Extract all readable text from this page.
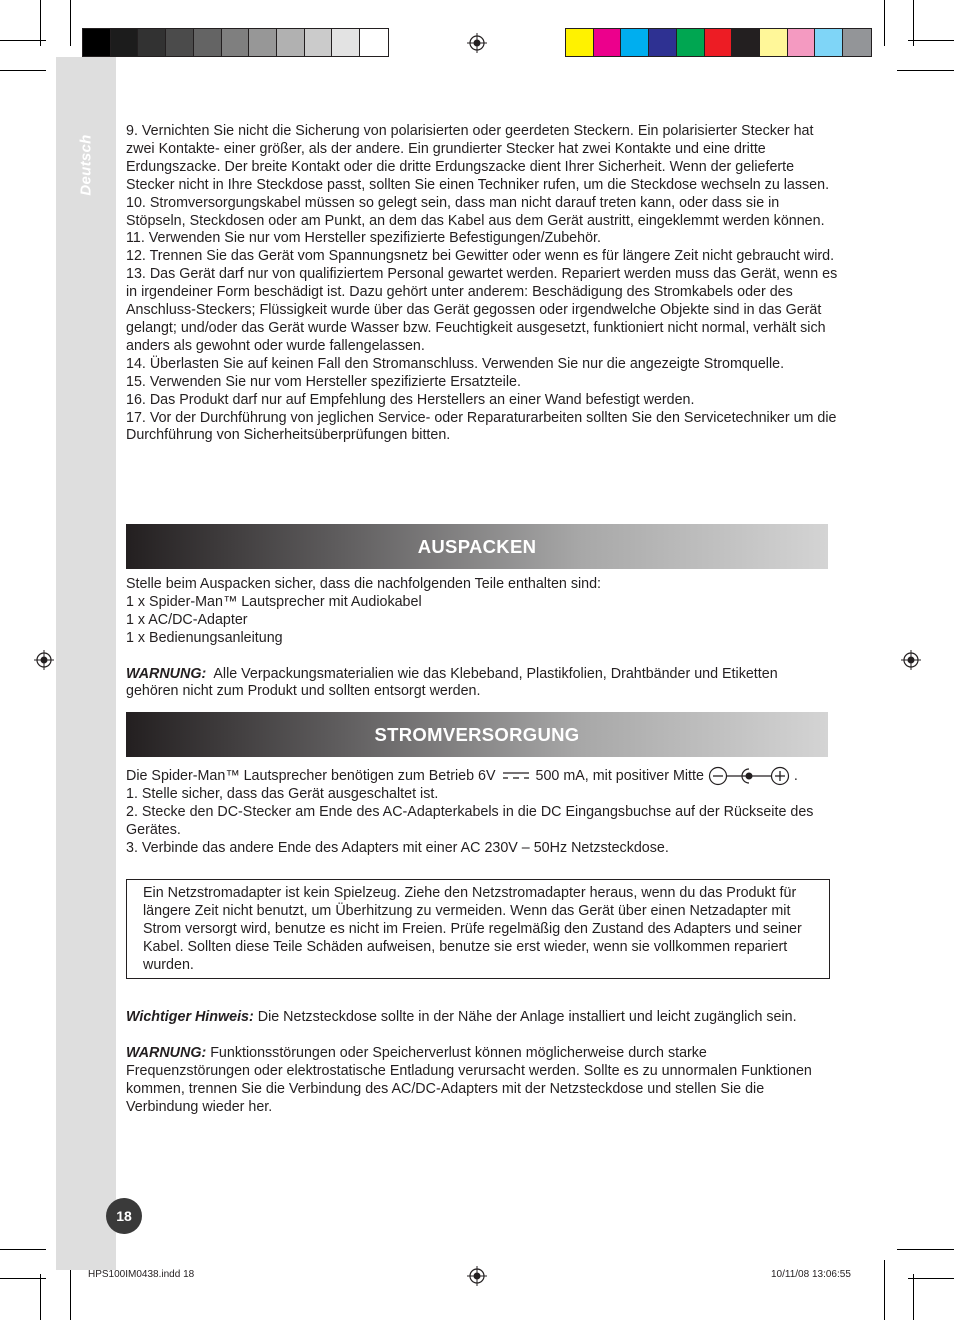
Deutsch
18

9. Vernichten Sie nicht die Sicherung von polarisierten oder geerdeten Steckern. Ein polarisierter Stecker hat zwei Kontakte- einer größer, als der andere. Ein grundierter Stecker hat zwei Kontakte und eine dritte Erdungszacke. Der breite Kontakt oder die dritte Erdungszacke dient Ihrer Sicherheit. Wenn der gelieferte Stecker nicht in Ihre Steckdose passt, sollten Sie einen Techniker rufen, um die Steckdose wechseln zu lassen.

10. Stromversorgungskabel müssen so gelegt sein, dass man nicht darauf treten kann, oder dass sie in Stöpseln, Steckdosen oder am Punkt, an dem das Kabel aus dem Gerät austritt, eingeklemmt werden können.

11. Verwenden Sie nur vom Hersteller spezifizierte Befestigungen/Zubehör.

12. Trennen Sie das Gerät vom Spannungsnetz bei Gewitter oder wenn es für längere Zeit nicht gebraucht wird.

13. Das Gerät darf nur von qualifiziertem Personal gewartet werden. Repariert werden muss das Gerät, wenn es in irgendeiner Form beschädigt ist. Dazu gehört unter anderem: Beschädigung des Stromkabels oder des Anschluss-Steckers; Flüssigkeit wurde über das Gerät gegossen oder irgendwelche Objekte sind in das Gerät gelangt; und/oder das Gerät wurde Wasser bzw. Feuchtigkeit ausgesetzt, funktioniert nicht normal, verhält sich anders als gewohnt oder wurde fallengelassen.

14. Überlasten Sie auf keinen Fall den Stromanschluss. Verwenden Sie nur die angezeigte Stromquelle.

15. Verwenden Sie nur vom Hersteller spezifizierte Ersatzteile.

16. Das Produkt darf nur auf Empfehlung des Herstellers an einer Wand befestigt werden.

17. Vor der Durchführung von jeglichen Service- oder Reparaturarbeiten sollten Sie den Servicetechniker um die Durchführung von Sicherheitsüberprüfungen bitten.

AUSPACKEN

Stelle beim Auspacken sicher, dass die nachfolgenden Teile enthalten sind:

1 x Spider-Man™ Lautsprecher mit Audiokabel

1 x AC/DC-Adapter

1 x Bedienungsanleitung

WARNUNG: Alle Verpackungsmaterialien wie das Klebeband, Plastikfolien, Drahtbänder und Etiketten gehören nicht zum Produkt und sollten entsorgt werden.

STROMVERSORGUNG

Die Spider-Man™ Lautsprecher benötigen zum Betrieb 6V	500 mA, mit positiver Mitte	.

1. Stelle sicher, dass das Gerät ausgeschaltet ist.

2. Stecke den DC-Stecker am Ende des AC-Adapterkabels in die DC Eingangsbuchse auf der Rückseite des Gerätes.

3. Verbinde das andere Ende des Adapters mit einer AC 230V – 50Hz Netzsteckdose.

Ein Netzstromadapter ist kein Spielzeug. Ziehe den Netzstromadapter heraus, wenn du das Produkt für längere Zeit nicht benutzt, um Überhitzung zu vermeiden. Wenn das Gerät über einen Netzadapter mit Strom versorgt wird, benutze es nicht im Freien. Prüfe regelmäßig den Zustand des Adapters und seiner Kabel. Sollten diese Teile Schäden aufweisen, benutze sie erst wieder, wenn sie vollkommen repariert wurden.

Wichtiger Hinweis: Die Netzsteckdose sollte in der Nähe der Anlage installiert und leicht zugänglich sein.

WARNUNG: Funktionsstörungen oder Speicherverlust können möglicherweise durch starke Frequenzstörungen oder elektrostatische Entladung verursacht werden. Sollte es zu unnormalen Funktionen kommen, trennen Sie die Verbindung des AC/DC-Adapters mit der Netzsteckdose und stellen Sie die Verbindung wieder her.

HPS100IM0438.indd 18	10/11/08 13:06:55
